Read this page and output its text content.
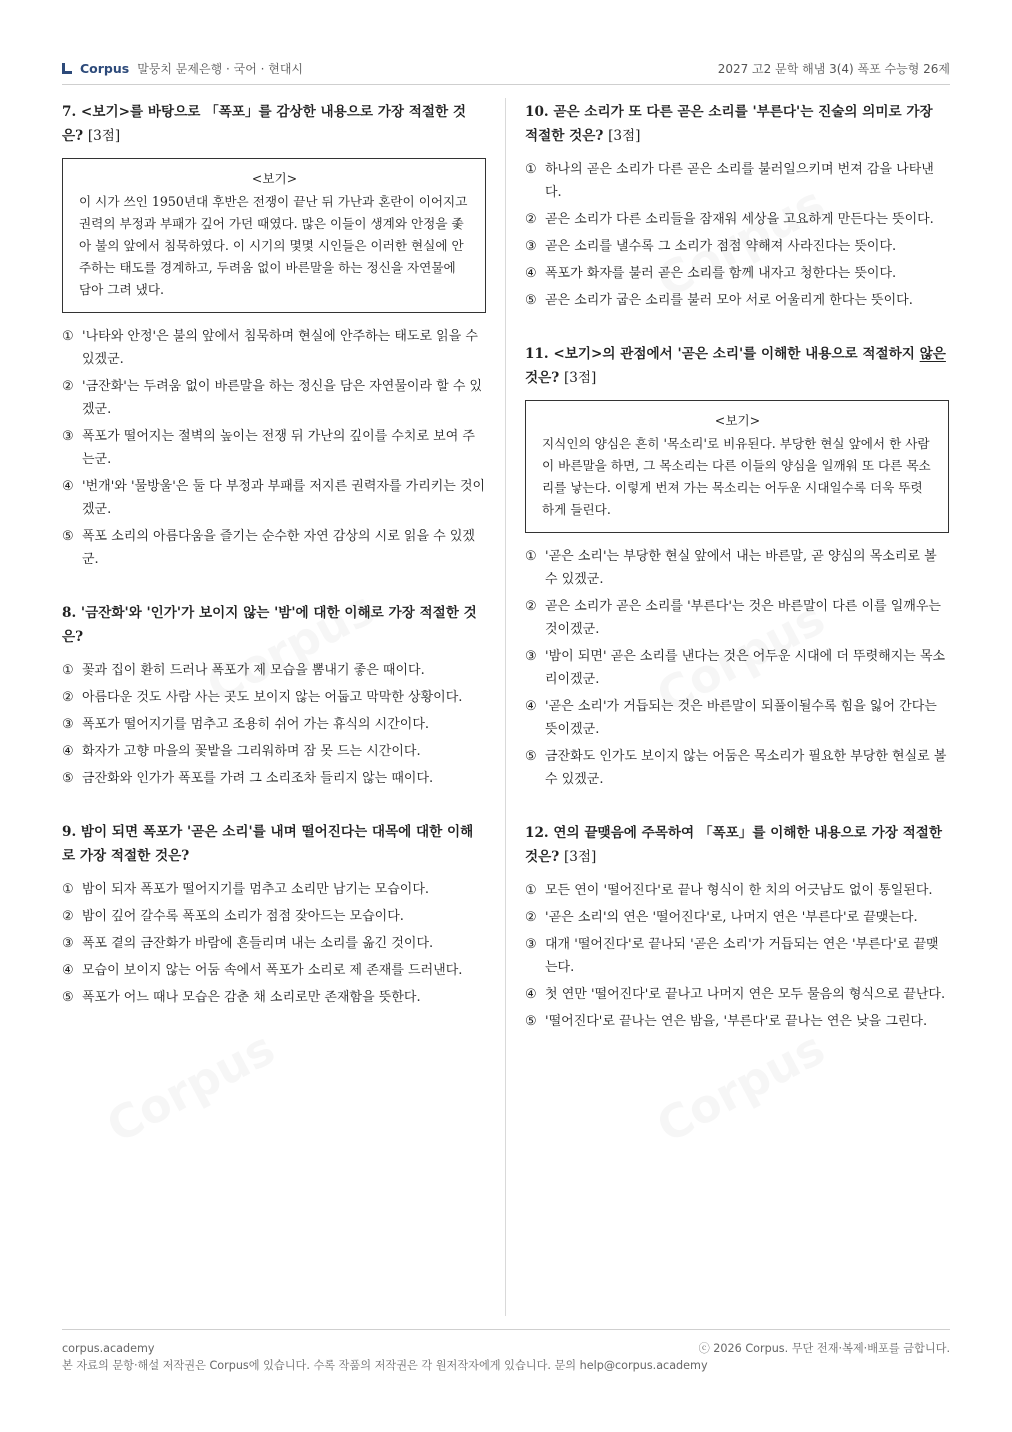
Corpus 말뭉치 문제은행 · 국어 · 현대시	2027 고2 문학 해냄 3(4) 폭포 수능형 26제

7. <보기>를 바탕으로 「폭포」를 감상한 내용으로 가장 적절한 것은? [3점]

<보기>
이 시가 쓰인 1950년대 후반은 전쟁이 끝난 뒤 가난과 혼란이 이어지고 권력의 부정과 부패가 깊어 가던 때였다. 많은 이들이 생계와 안정을 좇아 불의 앞에서 침묵하였다. 이 시기의 몇몇 시인들은 이러한 현실에 안주하는 태도를 경계하고, 두려움 없이 바른말을 하는 정신을 자연물에 담아 그려 냈다.
① '나타와 안정'은 불의 앞에서 침묵하며 현실에 안주하는 태도로 읽을 수 있겠군.
② '금잔화'는 두려움 없이 바른말을 하는 정신을 담은 자연물이라 할 수 있겠군.
③ 폭포가 떨어지는 절벽의 높이는 전쟁 뒤 가난의 깊이를 수치로 보여 주는군.
④ '번개'와 '물방울'은 둘 다 부정과 부패를 저지른 권력자를 가리키는 것이겠군.
⑤ 폭포 소리의 아름다움을 즐기는 순수한 자연 감상의 시로 읽을 수 있겠군.

8. '금잔화'와 '인가'가 보이지 않는 '밤'에 대한 이해로 가장 적절한 것은?

① 꽃과 집이 환히 드러나 폭포가 제 모습을 뽐내기 좋은 때이다.
② 아름다운 것도 사람 사는 곳도 보이지 않는 어둡고 막막한 상황이다.
③ 폭포가 떨어지기를 멈추고 조용히 쉬어 가는 휴식의 시간이다.
④ 화자가 고향 마을의 꽃밭을 그리워하며 잠 못 드는 시간이다.
⑤ 금잔화와 인가가 폭포를 가려 그 소리조차 들리지 않는 때이다.

9. 밤이 되면 폭포가 '곧은 소리'를 내며 떨어진다는 대목에 대한 이해로 가장 적절한 것은?

① 밤이 되자 폭포가 떨어지기를 멈추고 소리만 남기는 모습이다.
② 밤이 깊어 갈수록 폭포의 소리가 점점 잦아드는 모습이다.
③ 폭포 곁의 금잔화가 바람에 흔들리며 내는 소리를 옮긴 것이다.
④ 모습이 보이지 않는 어둠 속에서 폭포가 소리로 제 존재를 드러낸다.
⑤ 폭포가 어느 때나 모습은 감춘 채 소리로만 존재함을 뜻한다.

10. 곧은 소리가 또 다른 곧은 소리를 '부른다'는 진술의 의미로 가장 적절한 것은? [3점]

① 하나의 곧은 소리가 다른 곧은 소리를 불러일으키며 번져 감을 나타낸다.
② 곧은 소리가 다른 소리들을 잠재워 세상을 고요하게 만든다는 뜻이다.
③ 곧은 소리를 낼수록 그 소리가 점점 약해져 사라진다는 뜻이다.
④ 폭포가 화자를 불러 곧은 소리를 함께 내자고 청한다는 뜻이다.
⑤ 곧은 소리가 굽은 소리를 불러 모아 서로 어울리게 한다는 뜻이다.

11. <보기>의 관점에서 '곧은 소리'를 이해한 내용으로 적절하지 않은 것은? [3점]

<보기>
지식인의 양심은 흔히 '목소리'로 비유된다. 부당한 현실 앞에서 한 사람이 바른말을 하면, 그 목소리는 다른 이들의 양심을 일깨워 또 다른 목소리를 낳는다. 이렇게 번져 가는 목소리는 어두운 시대일수록 더욱 뚜렷하게 들린다.
① '곧은 소리'는 부당한 현실 앞에서 내는 바른말, 곧 양심의 목소리로 볼 수 있겠군.
② 곧은 소리가 곧은 소리를 '부른다'는 것은 바른말이 다른 이를 일깨우는 것이겠군.
③ '밤이 되면' 곧은 소리를 낸다는 것은 어두운 시대에 더 뚜렷해지는 목소리이겠군.
④ '곧은 소리'가 거듭되는 것은 바른말이 되풀이될수록 힘을 잃어 간다는 뜻이겠군.
⑤ 금잔화도 인가도 보이지 않는 어둠은 목소리가 필요한 부당한 현실로 볼 수 있겠군.

12. 연의 끝맺음에 주목하여 「폭포」를 이해한 내용으로 가장 적절한 것은? [3점]

① 모든 연이 '떨어진다'로 끝나 형식이 한 치의 어긋남도 없이 통일된다.
② '곧은 소리'의 연은 '떨어진다'로, 나머지 연은 '부른다'로 끝맺는다.
③ 대개 '떨어진다'로 끝나되 '곧은 소리'가 거듭되는 연은 '부른다'로 끝맺는다.
④ 첫 연만 '떨어진다'로 끝나고 나머지 연은 모두 물음의 형식으로 끝난다.
⑤ '떨어진다'로 끝나는 연은 밤을, '부른다'로 끝나는 연은 낮을 그린다.
corpus.academy	ⓒ 2026 Corpus. 무단 전재·복제·배포를 금합니다.
본 자료의 문항·해설 저작권은 Corpus에 있습니다. 수록 작품의 저작권은 각 원저작자에게 있습니다. 문의 help@corpus.academy
